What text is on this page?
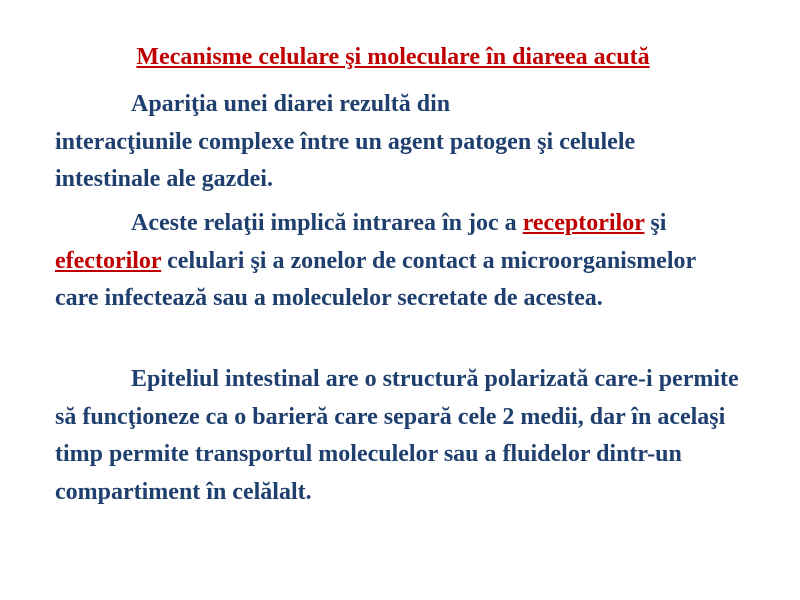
Mecanisme celulare şi moleculare în diareea acută

Apariţia unei diarei rezultă din
interacţiunile complexe între un agent patogen şi celulele intestinale ale gazdei.

Aceste relaţii implică intrarea în joc a receptorilor şi efectorilor celulari şi a zonelor de contact a microorganismelor care infectează sau a moleculelor secretate de acestea.

Epiteliul intestinal are o structură polarizată care-i permite să funcţioneze ca o barieră care separă cele 2 medii, dar în acelaşi timp permite transportul moleculelor sau a fluidelor dintr-un compartiment în celălalt.
